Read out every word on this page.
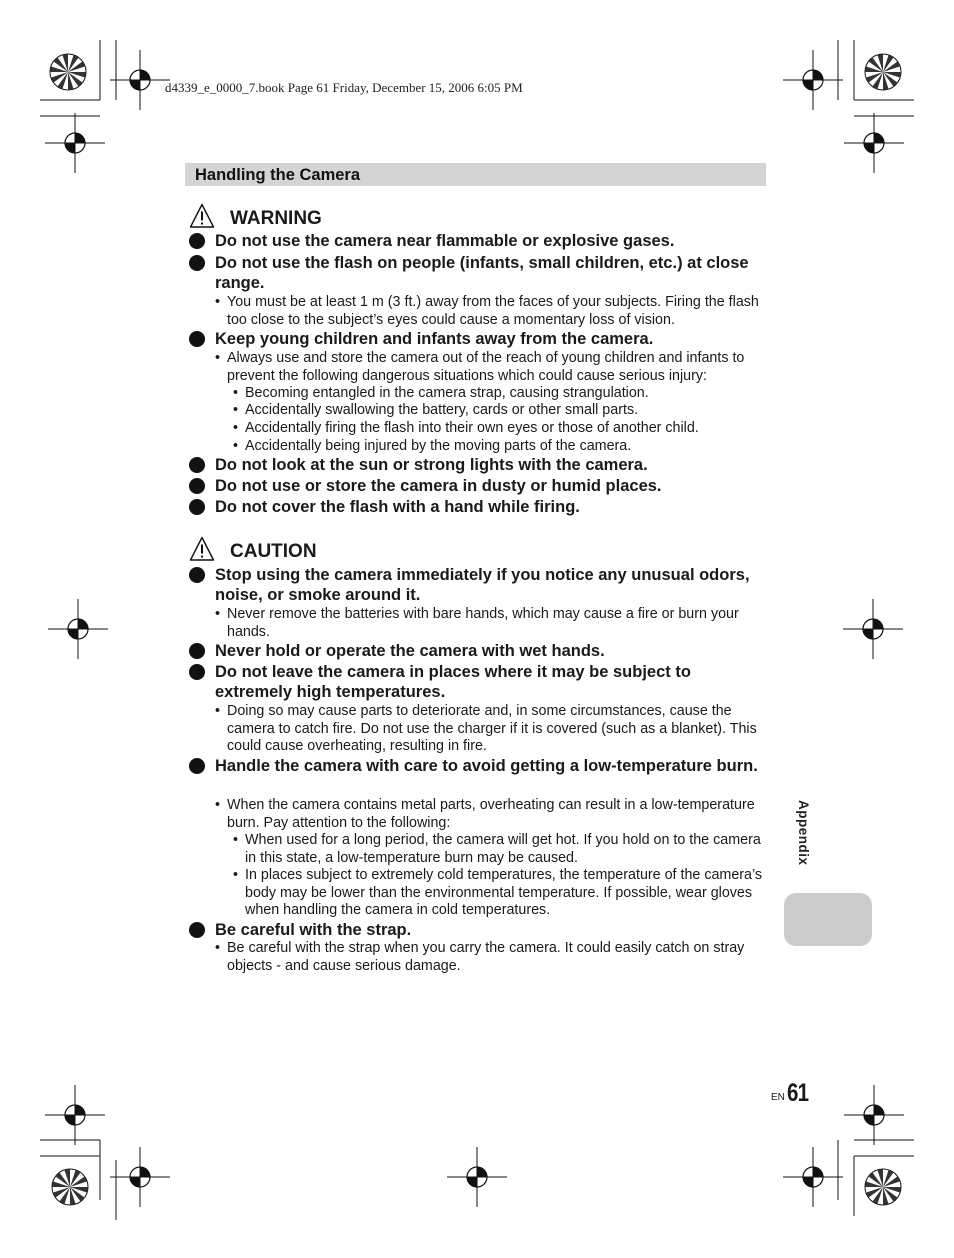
d4339_e_0000_7.book Page 61 Friday, December 15, 2006 6:05 PM
Handling the Camera
WARNING
Do not use the camera near flammable or explosive gases.
Do not use the flash on people (infants, small children, etc.) at close range.
• You must be at least 1 m (3 ft.) away from the faces of your subjects. Firing the flash too close to the subject’s eyes could cause a momentary loss of vision.
Keep young children and infants away from the camera.
• Always use and store the camera out of the reach of young children and infants to prevent the following dangerous situations which could cause serious injury:
• Becoming entangled in the camera strap, causing strangulation.
• Accidentally swallowing the battery, cards or other small parts.
• Accidentally firing the flash into their own eyes or those of another child.
• Accidentally being injured by the moving parts of the camera.
Do not look at the sun or strong lights with the camera.
Do not use or store the camera in dusty or humid places.
Do not cover the flash with a hand while firing.
CAUTION
Stop using the camera immediately if you notice any unusual odors, noise, or smoke around it.
• Never remove the batteries with bare hands, which may cause a fire or burn your hands.
Never hold or operate the camera with wet hands.
Do not leave the camera in places where it may be subject to extremely high temperatures.
• Doing so may cause parts to deteriorate and, in some circumstances, cause the camera to catch fire. Do not use the charger if it is covered (such as a blanket). This could cause overheating, resulting in fire.
Handle the camera with care to avoid getting a low-temperature burn.
• When the camera contains metal parts, overheating can result in a low-temperature burn. Pay attention to the following:
• When used for a long period, the camera will get hot. If you hold on to the camera in this state, a low-temperature burn may be caused.
• In places subject to extremely cold temperatures, the temperature of the camera’s body may be lower than the environmental temperature. If possible, wear gloves when handling the camera in cold temperatures.
Be careful with the strap.
• Be careful with the strap when you carry the camera. It could easily catch on stray objects - and cause serious damage.
Appendix
EN 61
